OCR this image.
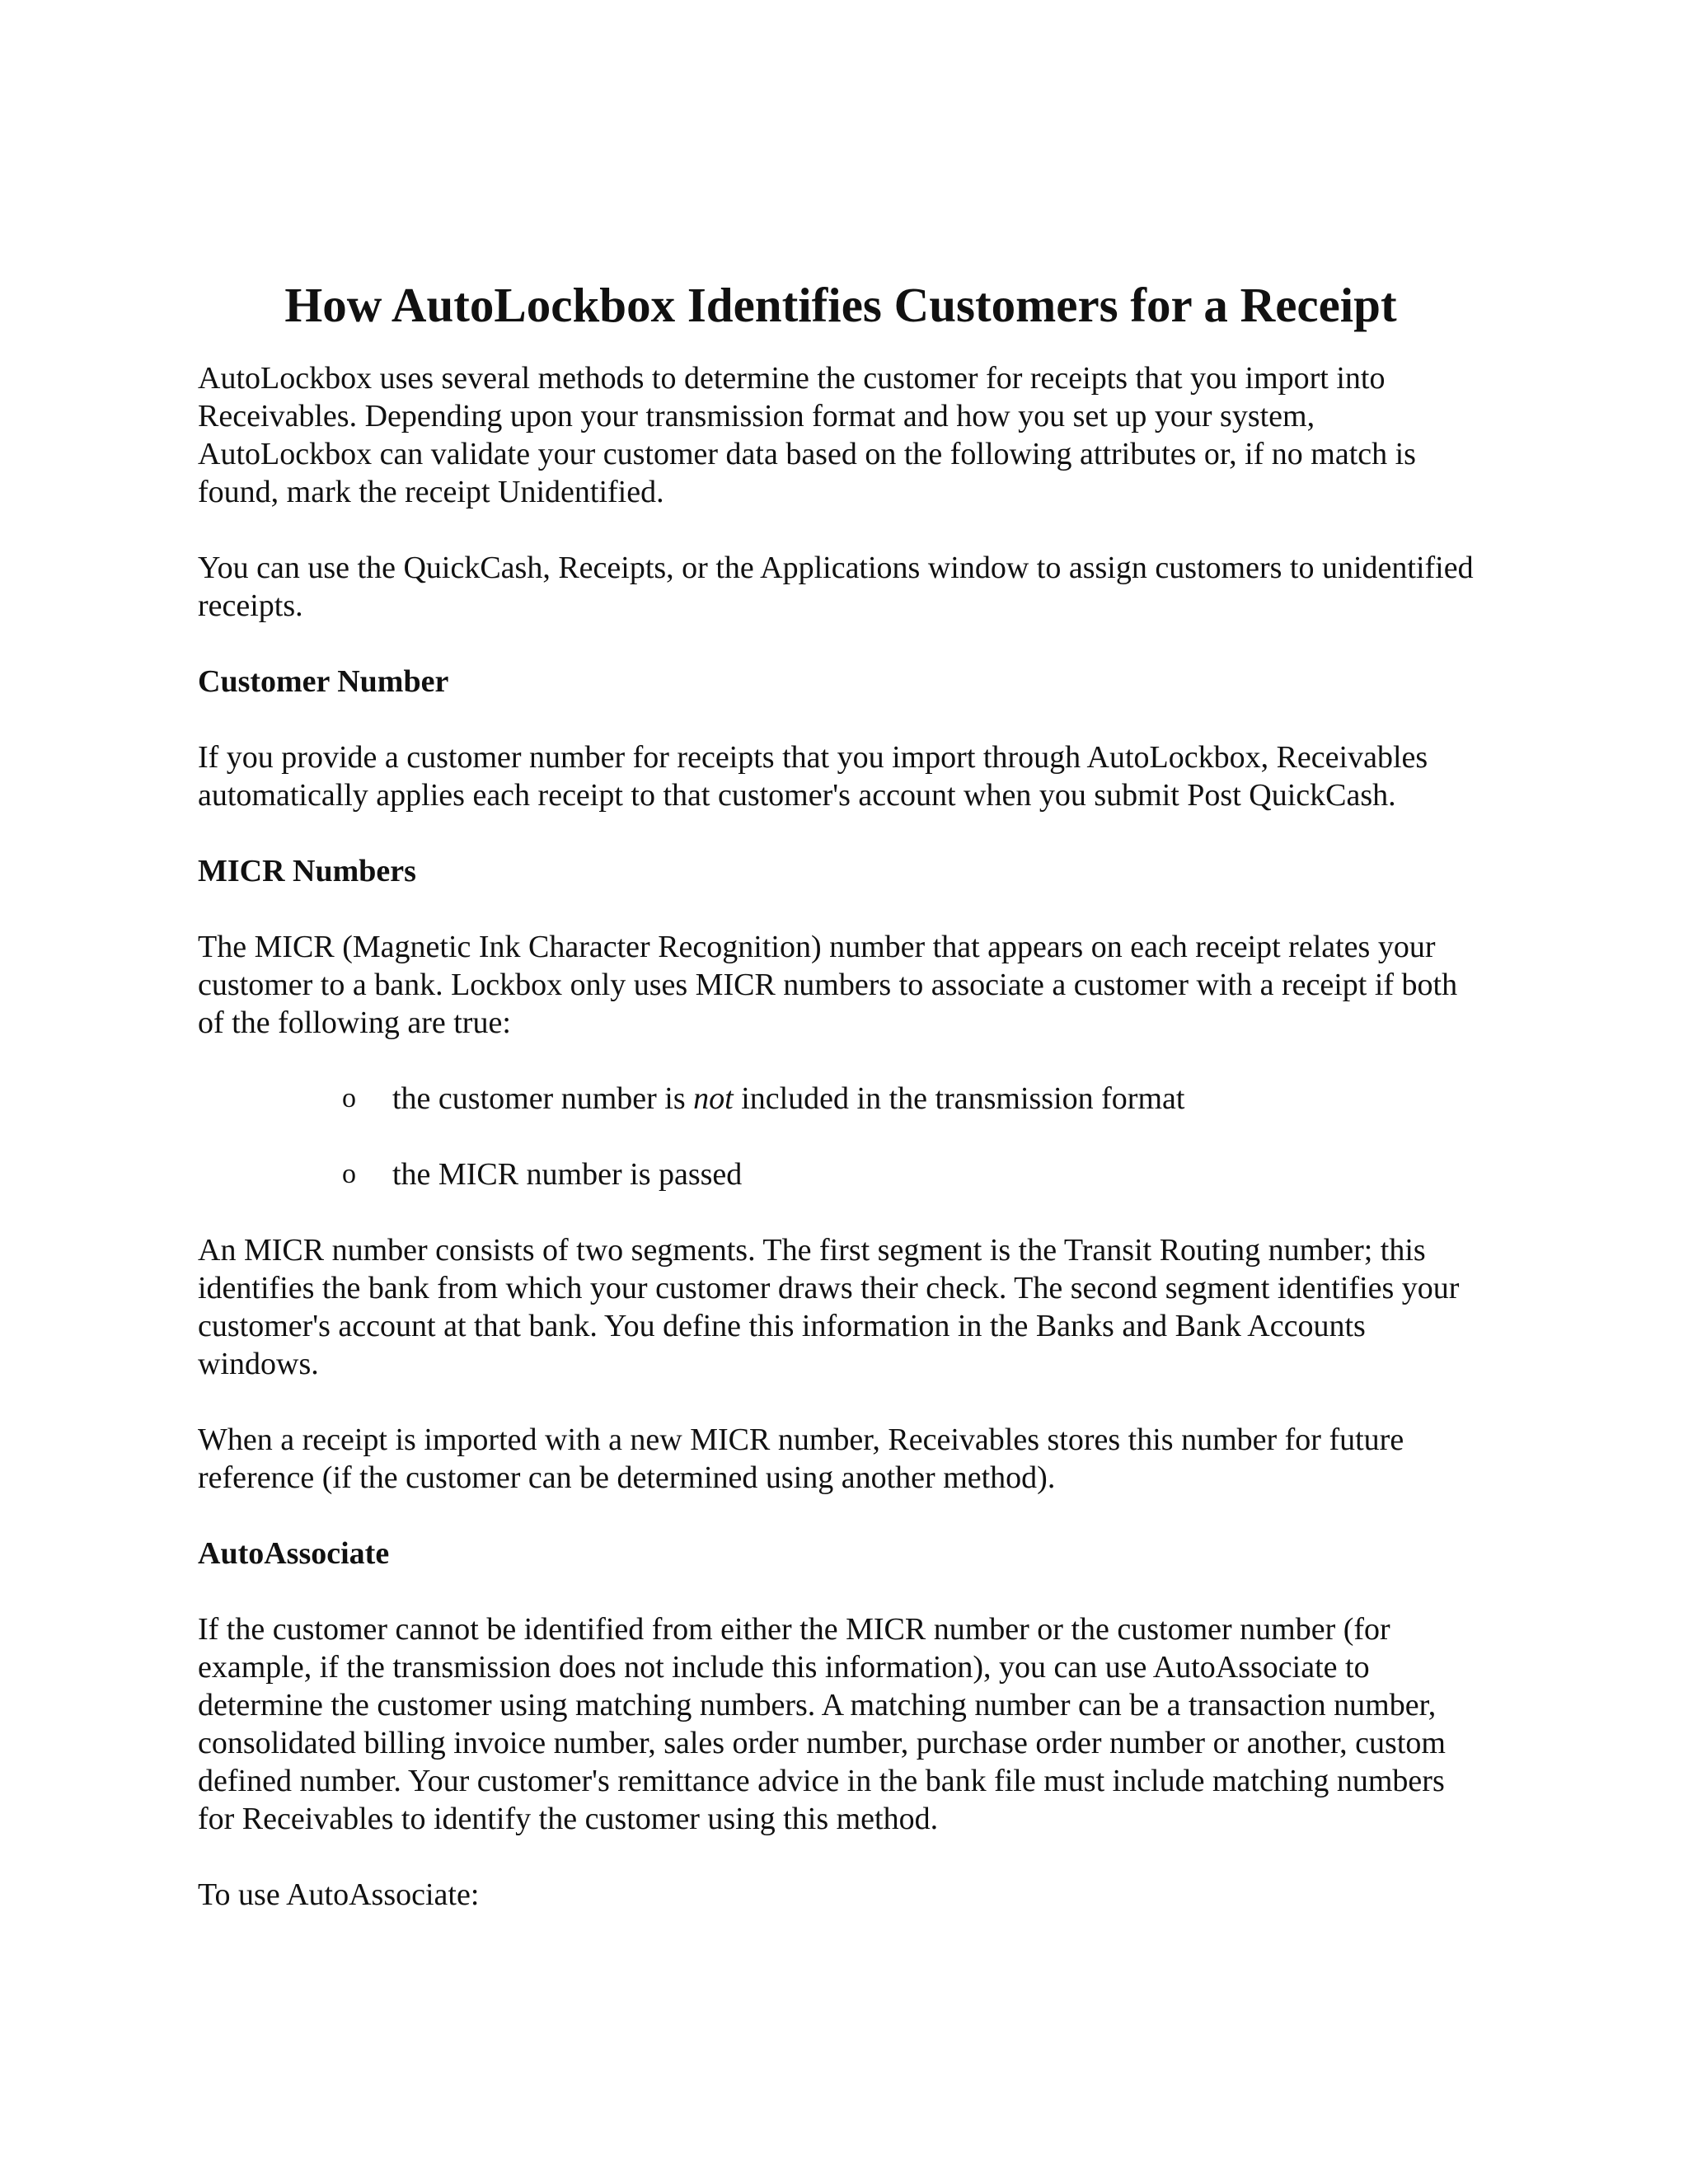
How AutoLockbox Identifies Customers for a Receipt

AutoLockbox uses several methods to determine the customer for receipts that you import into Receivables. Depending upon your transmission format and how you set up your system, AutoLockbox can validate your customer data based on the following attributes or, if no match is found, mark the receipt Unidentified.

You can use the QuickCash, Receipts, or the Applications window to assign customers to unidentified receipts.

Customer Number

If you provide a customer number for receipts that you import through AutoLockbox, Receivables automatically applies each receipt to that customer's account when you submit Post QuickCash.

MICR Numbers

The MICR (Magnetic Ink Character Recognition) number that appears on each receipt relates your customer to a bank. Lockbox only uses MICR numbers to associate a customer with a receipt if both of the following are true:

o the customer number is not included in the transmission format
o the MICR number is passed

An MICR number consists of two segments. The first segment is the Transit Routing number; this identifies the bank from which your customer draws their check. The second segment identifies your customer's account at that bank. You define this information in the Banks and Bank Accounts windows.

When a receipt is imported with a new MICR number, Receivables stores this number for future reference (if the customer can be determined using another method).

AutoAssociate

If the customer cannot be identified from either the MICR number or the customer number (for example, if the transmission does not include this information), you can use AutoAssociate to determine the customer using matching numbers. A matching number can be a transaction number, consolidated billing invoice number, sales order number, purchase order number or another, custom defined number. Your customer's remittance advice in the bank file must include matching numbers for Receivables to identify the customer using this method.

To use AutoAssociate:
